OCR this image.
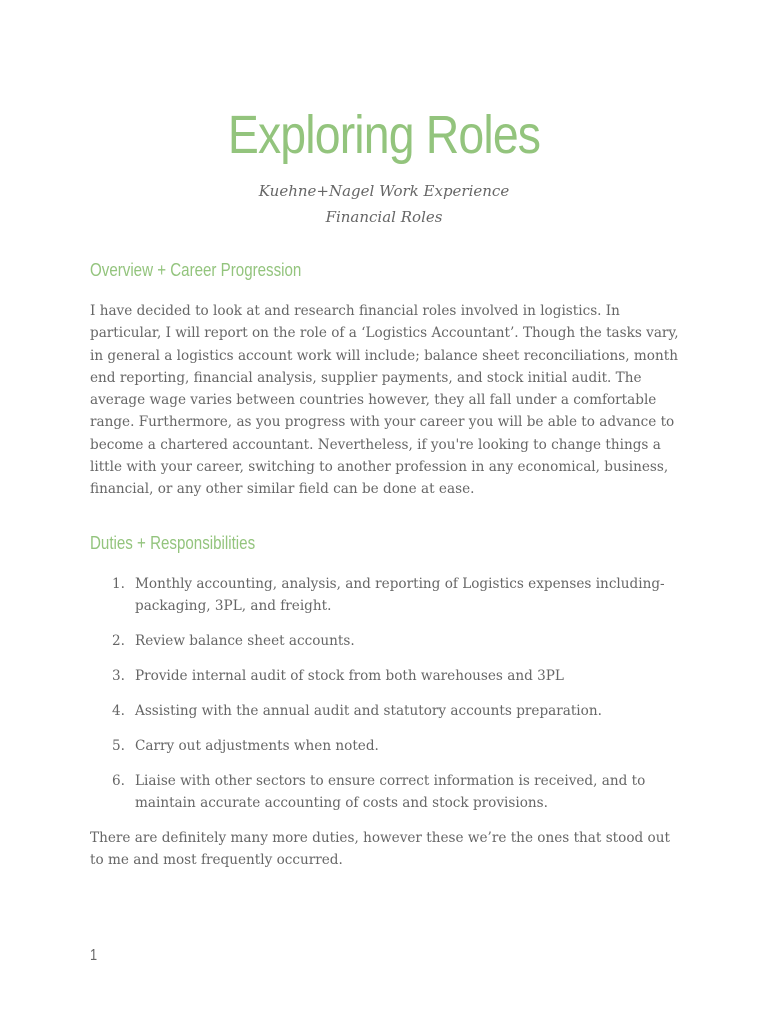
Exploring Roles
Kuehne+Nagel Work Experience
Financial Roles
Overview + Career Progression

I have decided to look at and research financial roles involved in logistics. In particular, I will report on the role of a ‘Logistics Accountant’. Though the tasks vary, in general a logistics account work will include; balance sheet reconciliations, month end reporting, financial analysis, supplier payments, and stock initial audit. The average wage varies between countries however, they all fall under a comfortable range. Furthermore, as you progress with your career you will be able to advance to become a chartered accountant. Nevertheless, if you're looking to change things a little with your career, switching to another profession in any economical, business, financial, or any other similar field can be done at ease.

Duties + Responsibilities
1. Monthly accounting, analysis, and reporting of Logistics expenses including- packaging, 3PL, and freight.
2. Review balance sheet accounts.
3. Provide internal audit of stock from both warehouses and 3PL
4. Assisting with the annual audit and statutory accounts preparation.
5. Carry out adjustments when noted.
6. Liaise with other sectors to ensure correct information is received, and to maintain accurate accounting of costs and stock provisions.

There are definitely many more duties, however these we’re the ones that stood out to me and most frequently occurred.

1
